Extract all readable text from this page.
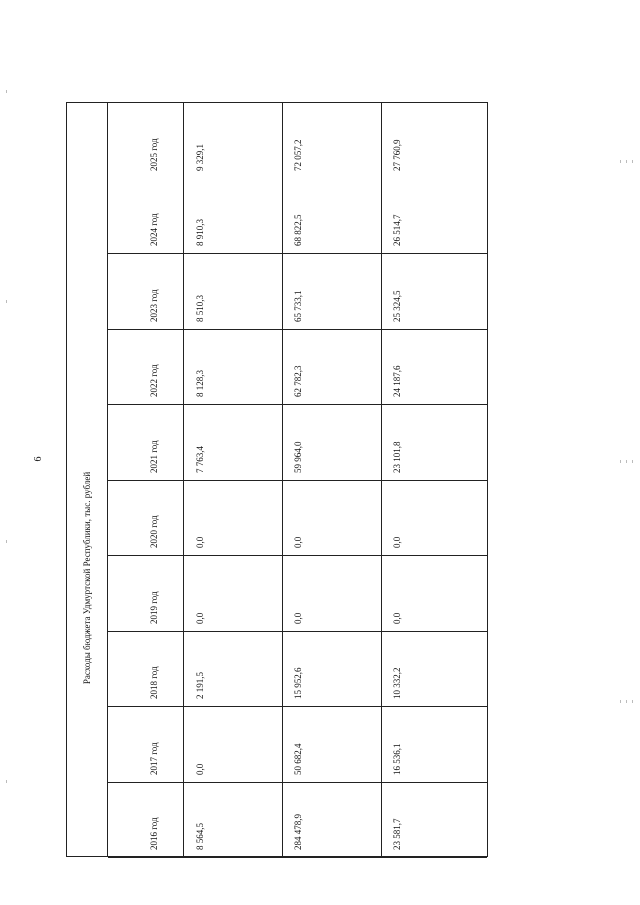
6
Расходы бюджета Удмуртской Республики, тыс. рублей
2016 год	8 564,5	284 478,9	23 581,7
2017 год	0,0	50 682,4	16 536,1
2018 год	2 191,5	15 952,6	10 332,2
2019 год	0,0	0,0	0,0
2020 год	0,0	0,0	0,0
2021 год	7 763,4	59 964,0	23 101,8
2022 год	8 128,3	62 782,3	24 187,6
2023 год	8 510,3	65 733,1	25 324,5
2024 год	8 910,3	68 822,5	26 514,7
2025 год	9 329,1	72 057,2	27 760,9
